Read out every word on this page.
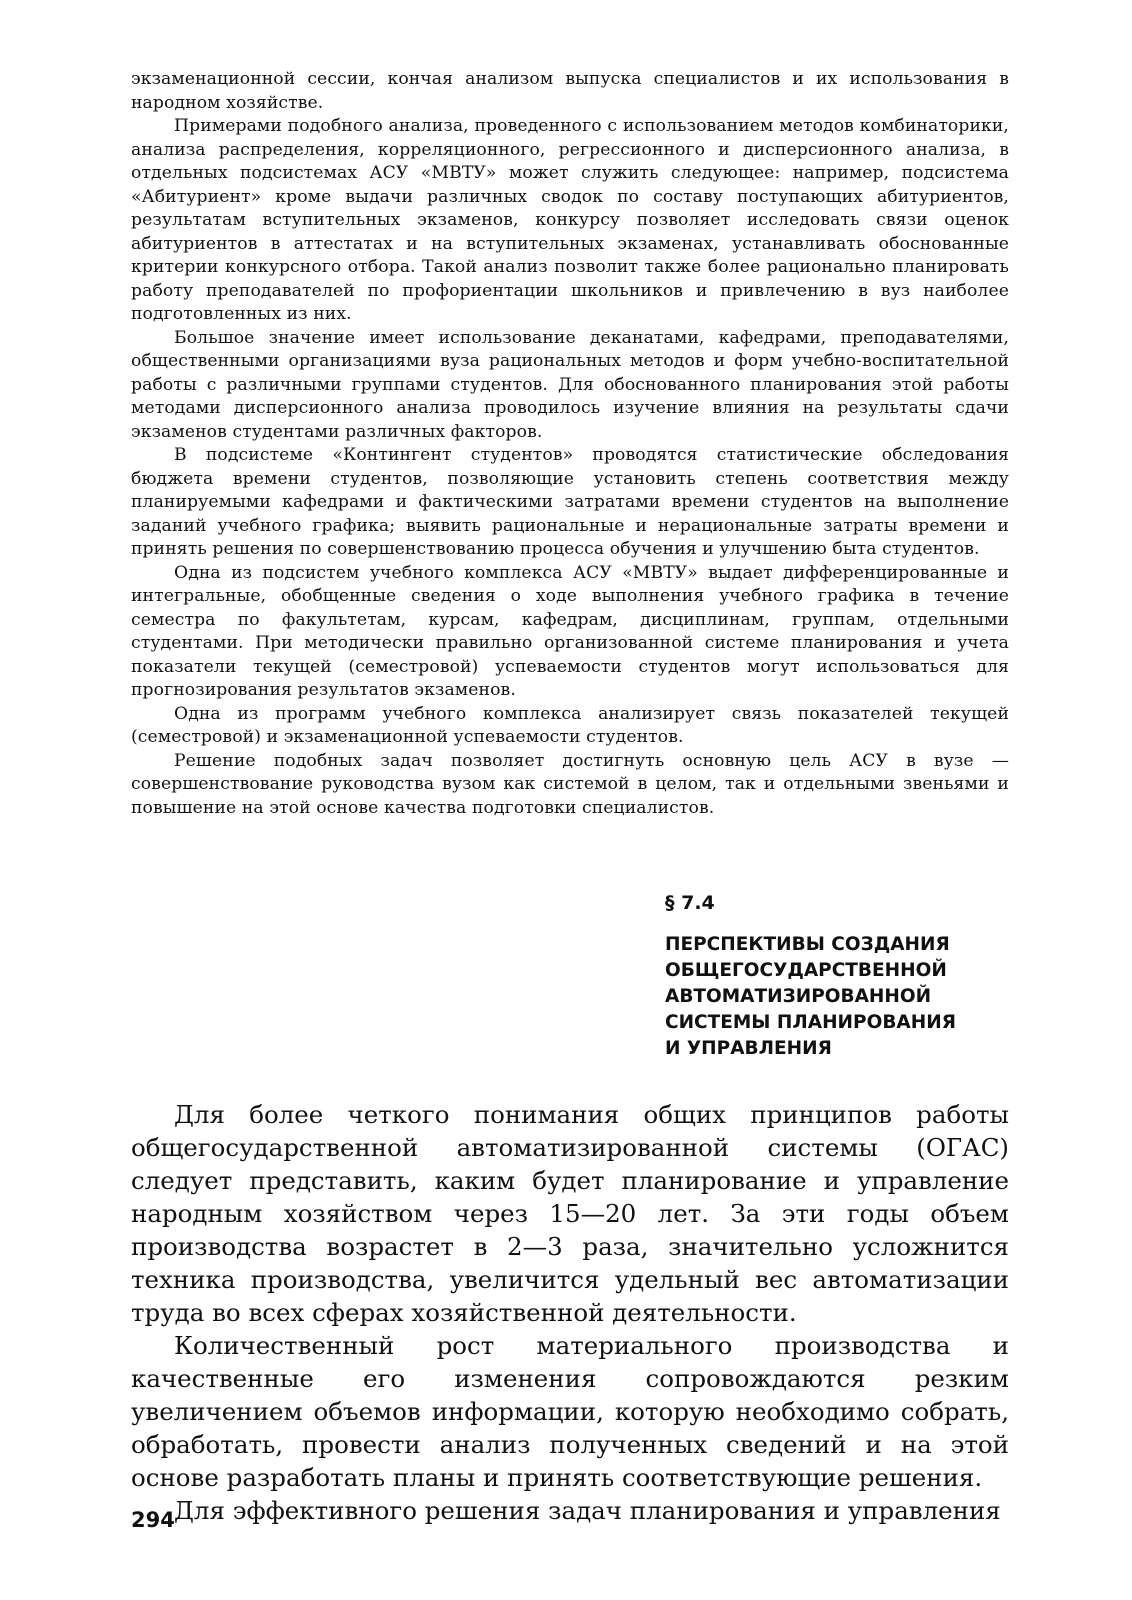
экзаменационной сессии, кончая анализом выпуска специалистов и их использования в народном хозяйстве.

Примерами подобного анализа, проведенного с использованием методов комбинаторики, анализа распределения, корреляционного, регрессионного и дисперсионного анализа, в отдельных подсистемах АСУ «МВТУ» может служить следующее: например, подсистема «Абитуриент» кроме выдачи различных сводок по составу поступающих абитуриентов, результатам вступительных экзаменов, конкурсу позволяет исследовать связи оценок абитуриентов в аттестатах и на вступительных экзаменах, устанавливать обоснованные критерии конкурсного отбора. Такой анализ позволит также более рационально планировать работу преподавателей по профориентации школьников и привлечению в вуз наиболее подготовленных из них.

Большое значение имеет использование деканатами, кафедрами, преподавателями, общественными организациями вуза рациональных методов и форм учебно-воспитательной работы с различными группами студентов. Для обоснованного планирования этой работы методами дисперсионного анализа проводилось изучение влияния на результаты сдачи экзаменов студентами различных факторов.

В подсистеме «Контингент студентов» проводятся статистические обследования бюджета времени студентов, позволяющие установить степень соответствия между планируемыми кафедрами и фактическими затратами времени студентов на выполнение заданий учебного графика; выявить рациональные и нерациональные затраты времени и принять решения по совершенствованию процесса обучения и улучшению быта студентов.

Одна из подсистем учебного комплекса АСУ «МВТУ» выдает дифференцированные и интегральные, обобщенные сведения о ходе выполнения учебного графика в течение семестра по факультетам, курсам, кафедрам, дисциплинам, группам, отдельными студентами. При методически правильно организованной системе планирования и учета показатели текущей (семестровой) успеваемости студентов могут использоваться для прогнозирования результатов экзаменов.

Одна из программ учебного комплекса анализирует связь показателей текущей (семестровой) и экзаменационной успеваемости студентов.

Решение подобных задач позволяет достигнуть основную цель АСУ в вузе — совершенствование руководства вузом как системой в целом, так и отдельными звеньями и повышение на этой основе качества подготовки специалистов.

§ 7.4
ПЕРСПЕКТИВЫ СОЗДАНИЯ
ОБЩЕГОСУДАРСТВЕННОЙ
АВТОМАТИЗИРОВАННОЙ
СИСТЕМЫ ПЛАНИРОВАНИЯ
И УПРАВЛЕНИЯ

Для более четкого понимания общих принципов работы общегосударственной автоматизированной системы (ОГАС) следует представить, каким будет планирование и управление народным хозяйством через 15—20 лет. За эти годы объем производства возрастет в 2—3 раза, значительно усложнится техника производства, увеличится удельный вес автоматизации труда во всех сферах хозяйственной деятельности.

Количественный рост материального производства и качественные его изменения сопровождаются резким увеличением объемов информации, которую необходимо собрать, обработать, провести анализ полученных сведений и на этой основе разработать планы и принять соответствующие решения.

Для эффективного решения задач планирования и управления

294
